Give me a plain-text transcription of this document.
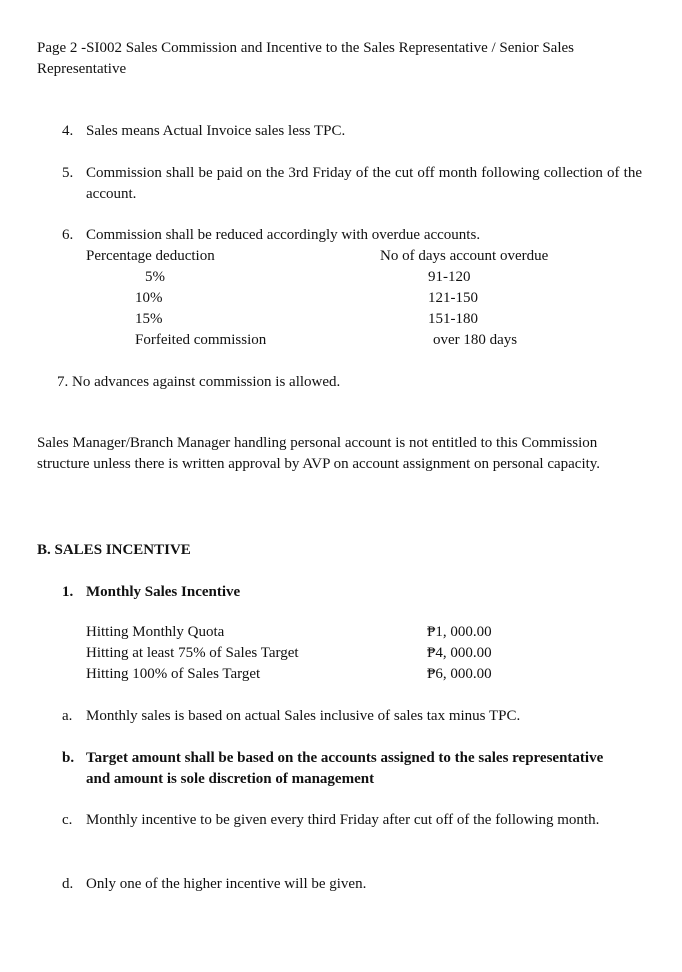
Page 2 -SI002 Sales Commission and Incentive to the Sales Representative / Senior Sales Representative
4. Sales means Actual Invoice sales less TPC.
5. Commission shall be paid on the 3rd Friday of the cut off month following collection of the account.
6. Commission shall be reduced accordingly with overdue accounts.
Percentage deduction	No of days account overdue
5%	91-120
10%	121-150
15%	151-180
Forfeited commission	over 180 days
7. No advances against commission is allowed.
Sales Manager/Branch Manager handling personal account is not entitled to this Commission structure unless there is written approval by AVP on account assignment on personal capacity.
B. SALES INCENTIVE
1. Monthly Sales Incentive
Hitting Monthly Quota	₱1, 000.00
Hitting at least 75% of Sales Target	₱4, 000.00
Hitting 100% of Sales Target	₱6, 000.00
a. Monthly sales is based on actual Sales inclusive of sales tax minus TPC.
b. Target amount shall be based on the accounts assigned to the sales representative and amount is sole discretion of management
c. Monthly incentive to be given every third Friday after cut off of the following month.
d. Only one of the higher incentive will be given.
